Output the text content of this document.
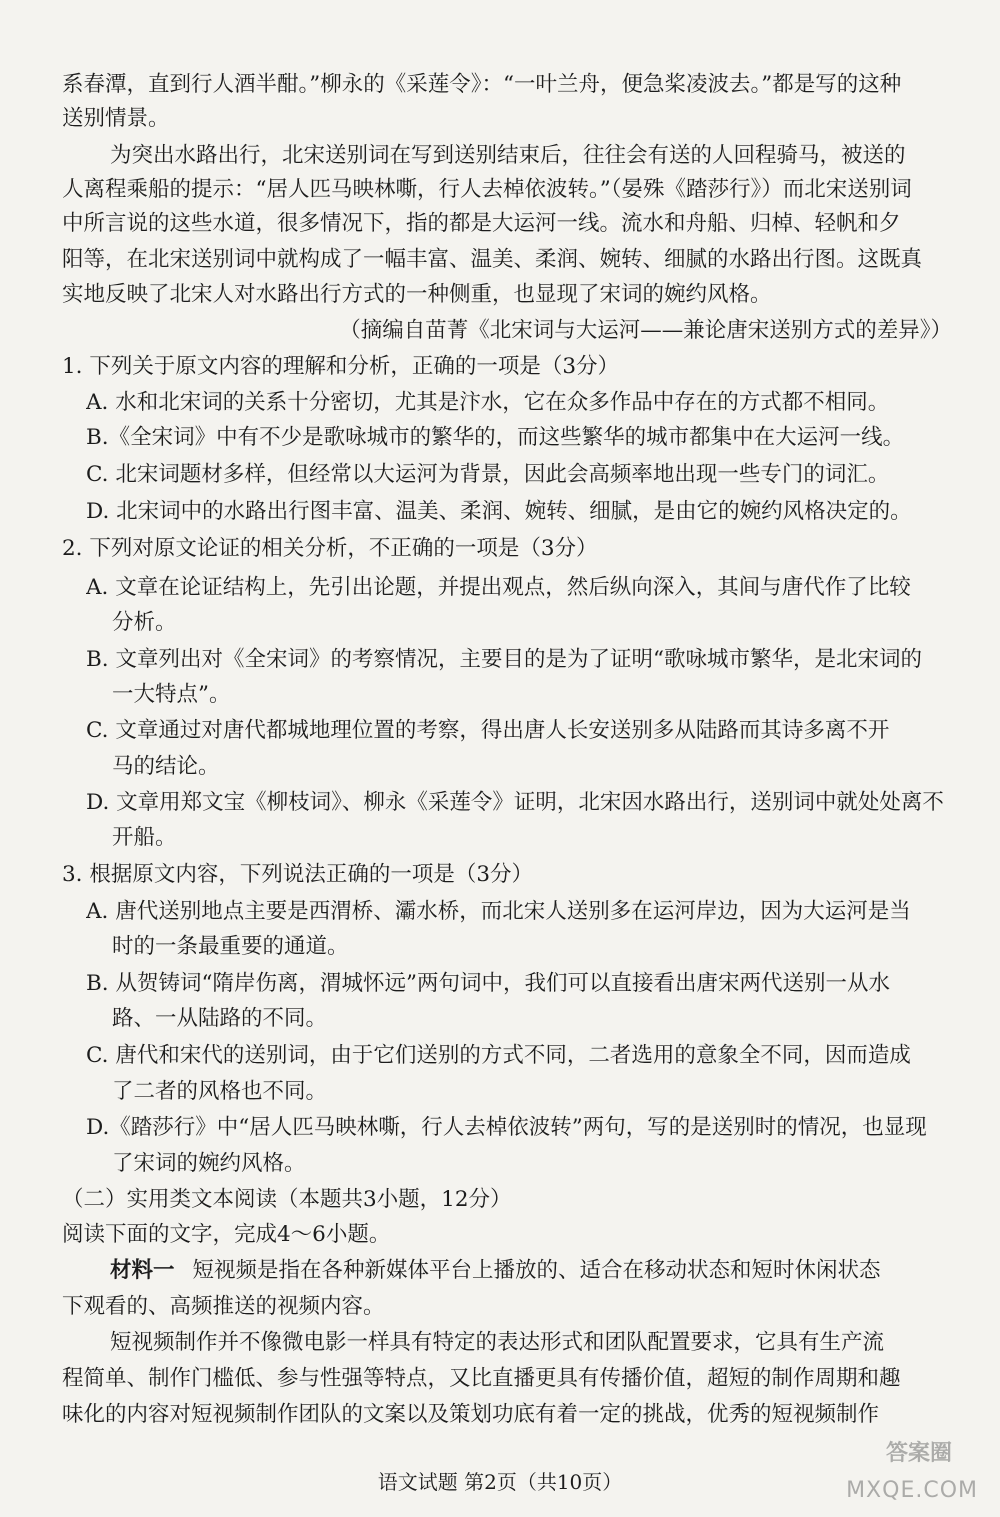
系春潭，直到行人酒半酣。”柳永的《采莲令》：“一叶兰舟，便急桨凌波去。”都是写的这种
送别情景。
为突出水路出行，北宋送别词在写到送别结束后，往往会有送的人回程骑马，被送的
人离程乘船的提示：“居人匹马映林嘶，行人去棹依波转。”（晏殊《踏莎行》）而北宋送别词
中所言说的这些水道，很多情况下，指的都是大运河一线。流水和舟船、归棹、轻帆和夕
阳等，在北宋送别词中就构成了一幅丰富、温美、柔润、婉转、细腻的水路出行图。这既真
实地反映了北宋人对水路出行方式的一种侧重，也显现了宋词的婉约风格。
（摘编自苗菁《北宋词与大运河——兼论唐宋送别方式的差异》）
1. 下列关于原文内容的理解和分析，正确的一项是（3分）
A. 水和北宋词的关系十分密切，尤其是汴水，它在众多作品中存在的方式都不相同。
B.《全宋词》中有不少是歌咏城市的繁华的，而这些繁华的城市都集中在大运河一线。
C. 北宋词题材多样，但经常以大运河为背景，因此会高频率地出现一些专门的词汇。
D. 北宋词中的水路出行图丰富、温美、柔润、婉转、细腻，是由它的婉约风格决定的。
2. 下列对原文论证的相关分析，不正确的一项是（3分）
A. 文章在论证结构上，先引出论题，并提出观点，然后纵向深入，其间与唐代作了比较
分析。
B. 文章列出对《全宋词》的考察情况，主要目的是为了证明“歌咏城市繁华，是北宋词的
一大特点”。
C. 文章通过对唐代都城地理位置的考察，得出唐人长安送别多从陆路而其诗多离不开
马的结论。
D. 文章用郑文宝《柳枝词》、柳永《采莲令》证明，北宋因水路出行，送别词中就处处离不
开船。
3. 根据原文内容，下列说法正确的一项是（3分）
A. 唐代送别地点主要是西渭桥、灞水桥，而北宋人送别多在运河岸边，因为大运河是当
时的一条最重要的通道。
B. 从贺铸词“隋岸伤离，渭城怀远”两句词中，我们可以直接看出唐宋两代送别一从水
路、一从陆路的不同。
C. 唐代和宋代的送别词，由于它们送别的方式不同，二者选用的意象全不同，因而造成
了二者的风格也不同。
D.《踏莎行》中“居人匹马映林嘶，行人去棹依波转”两句，写的是送别时的情况，也显现
了宋词的婉约风格。
（二）实用类文本阅读（本题共3小题，12分）
阅读下面的文字，完成4～6小题。
材料一 短视频是指在各种新媒体平台上播放的、适合在移动状态和短时休闲状态
下观看的、高频推送的视频内容。
短视频制作并不像微电影一样具有特定的表达形式和团队配置要求，它具有生产流
程简单、制作门槛低、参与性强等特点，又比直播更具有传播价值，超短的制作周期和趣
味化的内容对短视频制作团队的文案以及策划功底有着一定的挑战，优秀的短视频制作
语文试题 第2页（共10页）
答案圈
MXQE.COM
